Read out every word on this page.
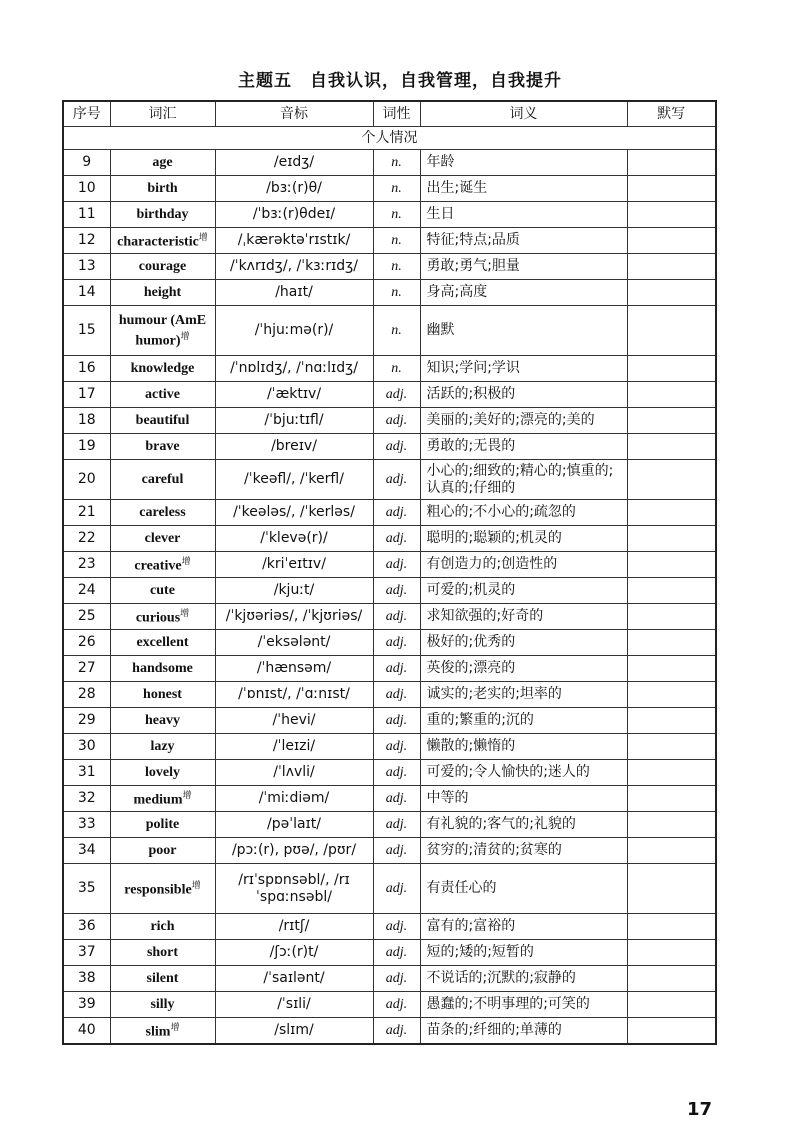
主题五　自我认识，自我管理，自我提升
序号	词汇	音标	词性	词义	默写
个人情况					
9	age	/eɪdʒ/	n.	年龄	
10	birth	/bɜː(r)θ/	n.	出生;诞生	
11	birthday	/ˈbɜː(r)θdeɪ/	n.	生日	
12	characteristic$^增$	/ˌkærəktəˈrɪstɪk/	n.	特征;特点;品质	
13	courage	/ˈkʌrɪdʒ/, /ˈkɜːrɪdʒ/	n.	勇敢;勇气;胆量	
14	height	/haɪt/	n.	身高;高度	
15	humour (AmE humor)$^增$	/ˈhjuːmə(r)/	n.	幽默	
16	knowledge	/ˈnɒlɪdʒ/, /ˈnɑːlɪdʒ/	n.	知识;学问;学识	
17	active	/ˈæktɪv/	adj.	活跃的;积极的	
18	beautiful	/ˈbjuːtɪfl/	adj.	美丽的;美好的;漂亮的;美的	
19	brave	/breɪv/	adj.	勇敢的;无畏的	
20	careful	/ˈkeəfl/, /ˈkerfl/	adj.	小心的;细致的;精心的;慎重的;认真的;仔细的	
21	careless	/ˈkeələs/, /ˈkerləs/	adj.	粗心的;不小心的;疏忽的	
22	clever	/ˈklevə(r)/	adj.	聪明的;聪颖的;机灵的	
23	creative$^增$	/kriˈeɪtɪv/	adj.	有创造力的;创造性的	
24	cute	/kjuːt/	adj.	可爱的;机灵的	
25	curious$^增$	/ˈkjʊəriəs/, /ˈkjʊriəs/	adj.	求知欲强的;好奇的	
26	excellent	/ˈeksələnt/	adj.	极好的;优秀的	
27	handsome	/ˈhænsəm/	adj.	英俊的;漂亮的	
28	honest	/ˈɒnɪst/, /ˈɑːnɪst/	adj.	诚实的;老实的;坦率的	
29	heavy	/ˈhevi/	adj.	重的;繁重的;沉的	
30	lazy	/ˈleɪzi/	adj.	懒散的;懒惰的	
31	lovely	/ˈlʌvli/	adj.	可爱的;令人愉快的;迷人的	
32	medium$^增$	/ˈmiːdiəm/	adj.	中等的	
33	polite	/pəˈlaɪt/	adj.	有礼貌的;客气的;礼貌的	
34	poor	/pɔː(r), pʊə/, /pʊr/	adj.	贫穷的;清贫的;贫寒的	
35	responsible$^增$	/rɪˈspɒnsəbl/, /rɪˈspɑːnsəbl/	adj.	有责任心的	
36	rich	/rɪtʃ/	adj.	富有的;富裕的	
37	short	/ʃɔː(r)t/	adj.	短的;矮的;短暂的	
38	silent	/ˈsaɪlənt/	adj.	不说话的;沉默的;寂静的	
39	silly	/ˈsɪli/	adj.	愚蠢的;不明事理的;可笑的	
40	slim$^增$	/slɪm/	adj.	苗条的;纤细的;单薄的	
17
